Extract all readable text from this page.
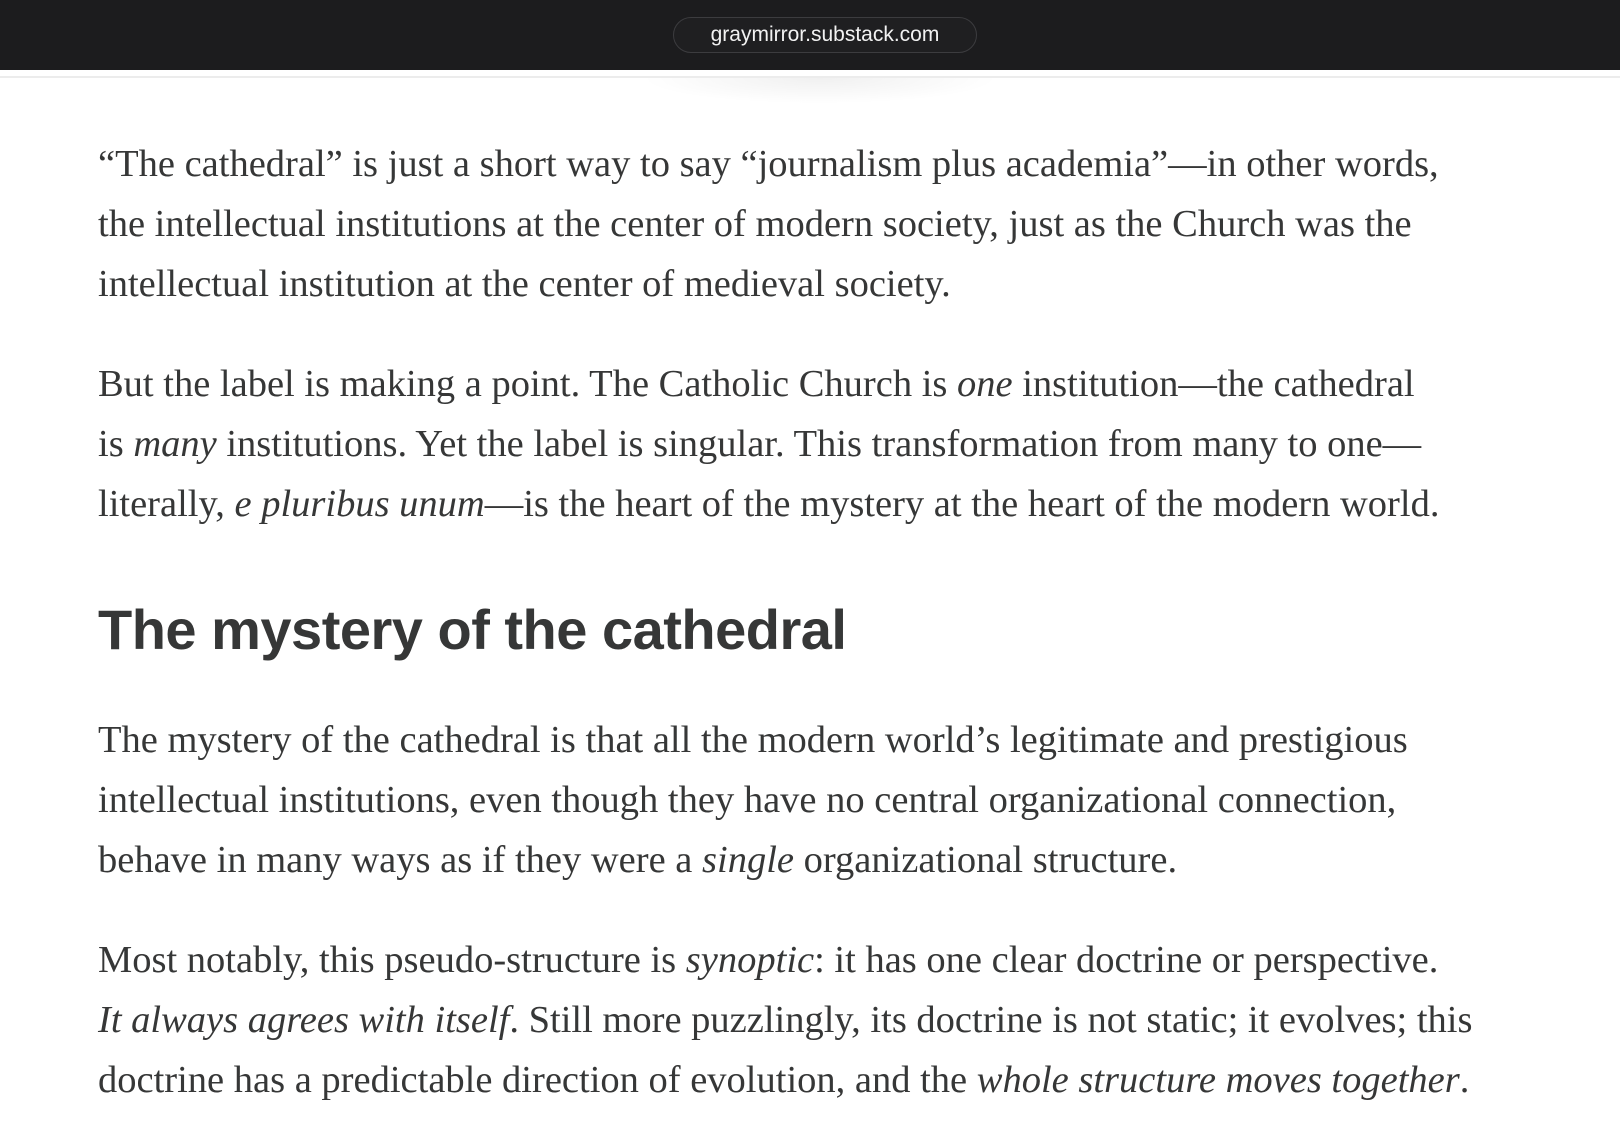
graymirror.substack.com

“The cathedral” is just a short way to say “journalism plus academia”—in other words,
the intellectual institutions at the center of modern society, just as the Church was the
intellectual institution at the center of medieval society.

But the label is making a point. The Catholic Church is one institution—the cathedral
is many institutions. Yet the label is singular. This transformation from many to one—
literally, e pluribus unum—is the heart of the mystery at the heart of the modern world.

The mystery of the cathedral

The mystery of the cathedral is that all the modern world’s legitimate and prestigious
intellectual institutions, even though they have no central organizational connection,
behave in many ways as if they were a single organizational structure.

Most notably, this pseudo-structure is synoptic: it has one clear doctrine or perspective.
It always agrees with itself. Still more puzzlingly, its doctrine is not static; it evolves; this
doctrine has a predictable direction of evolution, and the whole structure moves together.
